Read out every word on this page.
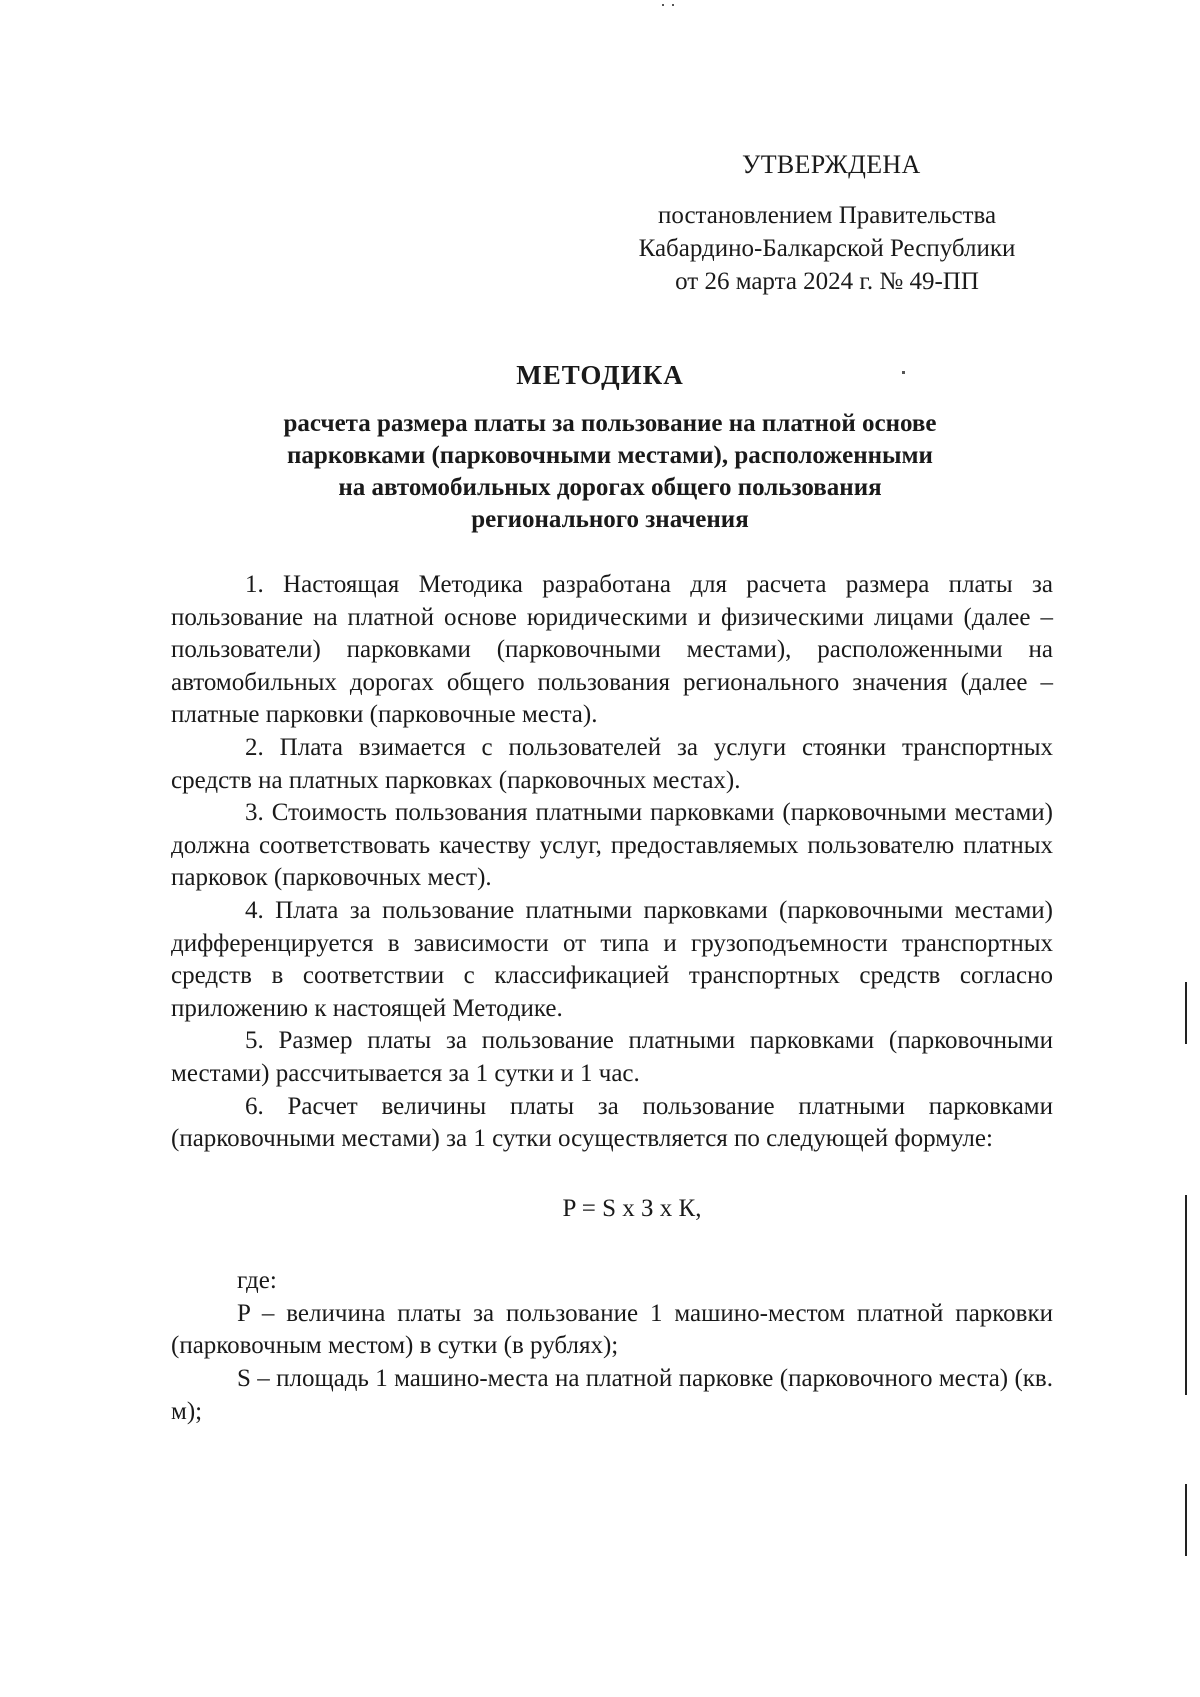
УТВЕРЖДЕНА
постановлением Правительства
Кабардино-Балкарской Республики
от 26 марта 2024 г. № 49-ПП
МЕТОДИКА
расчета размера платы за пользование на платной основе
парковками (парковочными местами), расположенными
на автомобильных дорогах общего пользования
регионального значения

1. Настоящая Методика разработана для расчета размера платы за пользование на платной основе юридическими и физическими лицами (далее – пользователи) парковками (парковочными местами), расположенными на автомобильных дорогах общего пользования регионального значения (далее – платные парковки (парковочные места).

2. Плата взимается с пользователей за услуги стоянки транспортных средств на платных парковках (парковочных местах).

3. Стоимость пользования платными парковками (парковочными местами) должна соответствовать качеству услуг, предоставляемых пользователю платных парковок (парковочных мест).

4. Плата за пользование платными парковками (парковочными местами) дифференцируется в зависимости от типа и грузоподъемности транспортных средств в соответствии с классификацией транспортных средств согласно приложению к настоящей Методике.

5. Размер платы за пользование платными парковками (парковочными местами) рассчитывается за 1 сутки и 1 час.

6. Расчет величины платы за пользование платными парковками (парковочными местами) за 1 сутки осуществляется по следующей формуле:

P = S х З х К,

где:

P – величина платы за пользование 1 машино-местом платной парковки (парковочным местом) в сутки (в рублях);

S – площадь 1 машино-места на платной парковке (парковочного места) (кв. м);
